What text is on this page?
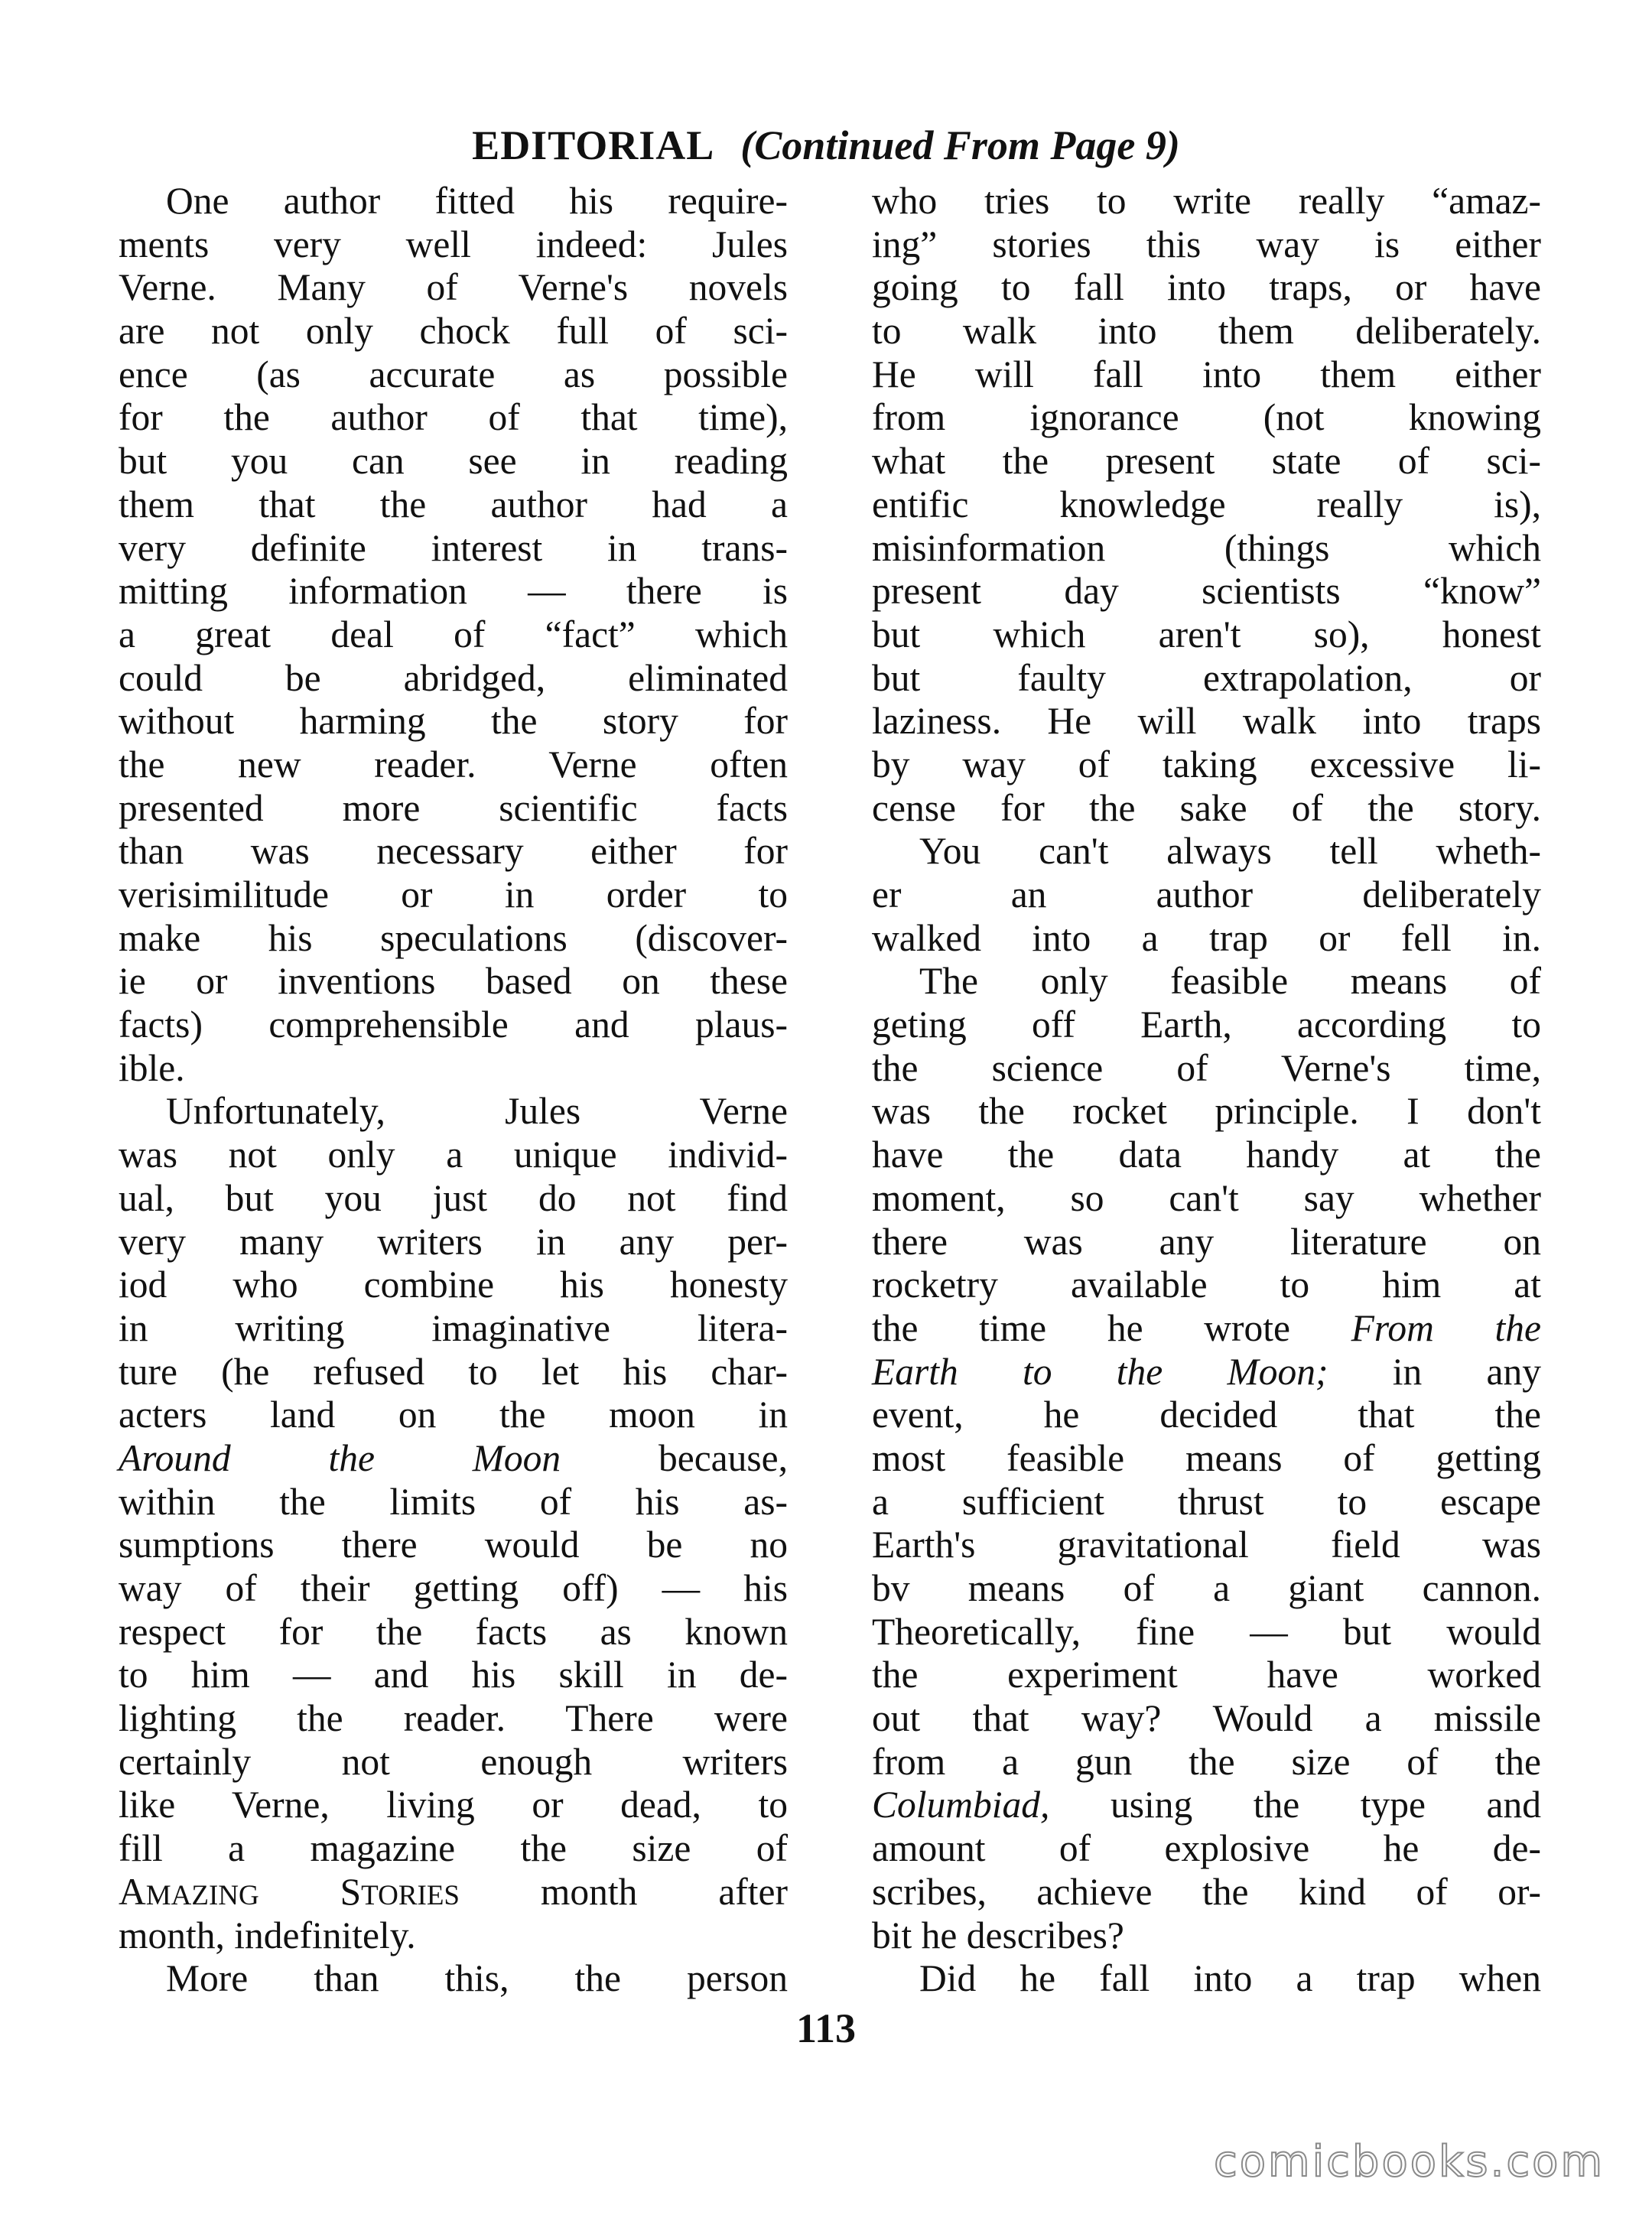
EDITORIAL (Continued From Page 9)
One author fitted his require-
ments very well indeed: Jules
Verne. Many of Verne's novels
are not only chock full of sci-
ence (as accurate as possible
for the author of that time),
but you can see in reading
them that the author had a
very definite interest in trans-
mitting information — there is
a great deal of “fact” which
could be abridged, eliminated
without harming the story for
the new reader. Verne often
presented more scientific facts
than was necessary either for
verisimilitude or in order to
make his speculations (discover-
ie or inventions based on these
facts) comprehensible and plaus-
ible.
Unfortunately, Jules Verne
was not only a unique individ-
ual, but you just do not find
very many writers in any per-
iod who combine his honesty
in writing imaginative litera-
ture (he refused to let his char-
acters land on the moon in
Around the Moon because,
within the limits of his as-
sumptions there would be no
way of their getting off) — his
respect for the facts as known
to him — and his skill in de-
lighting the reader. There were
certainly not enough writers
like Verne, living or dead, to
fill a magazine the size of
AMAZING STORIES month after
month, indefinitely.
More than this, the person
who tries to write really “amaz-
ing” stories this way is either
going to fall into traps, or have
to walk into them deliberately.
He will fall into them either
from ignorance (not knowing
what the present state of sci-
entific knowledge really is),
misinformation (things which
present day scientists “know”
but which aren't so), honest
but faulty extrapolation, or
laziness. He will walk into traps
by way of taking excessive li-
cense for the sake of the story.
You can't always tell wheth-
er an author deliberately
walked into a trap or fell in.
The only feasible means of
geting off Earth, according to
the science of Verne's time,
was the rocket principle. I don't
have the data handy at the
moment, so can't say whether
there was any literature on
rocketry available to him at
the time he wrote From the
Earth to the Moon; in any
event, he decided that the
most feasible means of getting
a sufficient thrust to escape
Earth's gravitational field was
bv means of a giant cannon.
Theoretically, fine — but would
the experiment have worked
out that way? Would a missile
from a gun the size of the
Columbiad, using the type and
amount of explosive he de-
scribes, achieve the kind of or-
bit he describes?
Did he fall into a trap when
113
comicbooks.com
